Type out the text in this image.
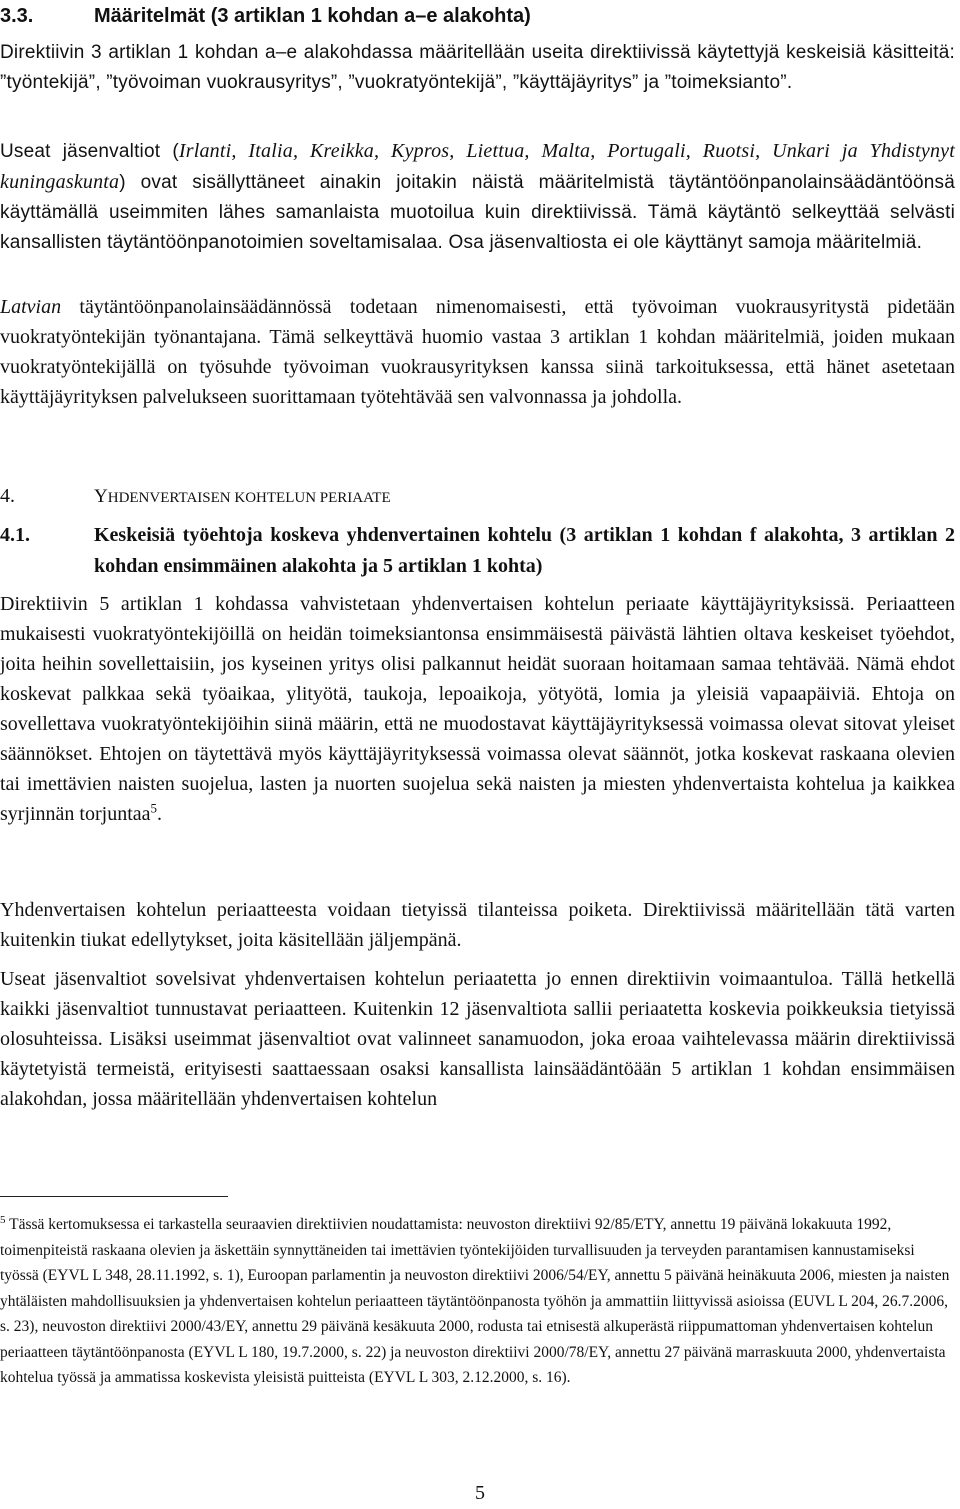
3.3.	Määritelmät (3 artiklan 1 kohdan a–e alakohta)

Direktiivin 3 artiklan 1 kohdan a–e alakohdassa määritellään useita direktiivissä käytettyjä keskeisiä käsitteitä: ”työntekijä”, ”työvoiman vuokrausyritys”, ”vuokratyöntekijä”, ”käyttäjäyritys” ja ”toimeksianto”.

Useat jäsenvaltiot (Irlanti, Italia, Kreikka, Kypros, Liettua, Malta, Portugali, Ruotsi, Unkari ja Yhdistynyt kuningaskunta) ovat sisällyttäneet ainakin joitakin näistä määritelmistä täytäntöönpanolainsäädäntöönsä käyttämällä useimmiten lähes samanlaista muotoilua kuin direktiivissä. Tämä käytäntö selkeyttää selvästi kansallisten täytäntöönpanotoimien soveltamisalaa. Osa jäsenvaltiosta ei ole käyttänyt samoja määritelmiä.

Latvian täytäntöönpanolainsäädännössä todetaan nimenomaisesti, että työvoiman vuokrausyritystä pidetään vuokratyöntekijän työnantajana. Tämä selkeyttävä huomio vastaa 3 artiklan 1 kohdan määritelmiä, joiden mukaan vuokratyöntekijällä on työsuhde työvoiman vuokrausyrityksen kanssa siinä tarkoituksessa, että hänet asetetaan käyttäjäyrityksen palvelukseen suorittamaan työtehtävää sen valvonnassa ja johdolla.

4.	YHDENVERTAISEN KOHTELUN PERIAATE
4.1.	Keskeisiä työehtoja koskeva yhdenvertainen kohtelu (3 artiklan 1 kohdan f alakohta, 3 artiklan 2 kohdan ensimmäinen alakohta ja 5 artiklan 1 kohta)

Direktiivin 5 artiklan 1 kohdassa vahvistetaan yhdenvertaisen kohtelun periaate käyttäjäyrityksissä. Periaatteen mukaisesti vuokratyöntekijöillä on heidän toimeksiantonsa ensimmäisestä päivästä lähtien oltava keskeiset työehdot, joita heihin sovellettaisiin, jos kyseinen yritys olisi palkannut heidät suoraan hoitamaan samaa tehtävää. Nämä ehdot koskevat palkkaa sekä työaikaa, ylityötä, taukoja, lepoaikoja, yötyötä, lomia ja yleisiä vapaapäiviä. Ehtoja on sovellettava vuokratyöntekijöihin siinä määrin, että ne muodostavat käyttäjäyrityksessä voimassa olevat sitovat yleiset säännökset. Ehtojen on täytettävä myös käyttäjäyrityksessä voimassa olevat säännöt, jotka koskevat raskaana olevien tai imettävien naisten suojelua, lasten ja nuorten suojelua sekä naisten ja miesten yhdenvertaista kohtelua ja kaikkea syrjinnän torjuntaa$^5$.

Yhdenvertaisen kohtelun periaatteesta voidaan tietyissä tilanteissa poiketa. Direktiivissä määritellään tätä varten kuitenkin tiukat edellytykset, joita käsitellään jäljempänä.

Useat jäsenvaltiot sovelsivat yhdenvertaisen kohtelun periaatetta jo ennen direktiivin voimaantuloa. Tällä hetkellä kaikki jäsenvaltiot tunnustavat periaatteen. Kuitenkin 12 jäsenvaltiota sallii periaatetta koskevia poikkeuksia tietyissä olosuhteissa. Lisäksi useimmat jäsenvaltiot ovat valinneet sanamuodon, joka eroaa vaihtelevassa määrin direktiivissä käytetyistä termeistä, erityisesti saattaessaan osaksi kansallista lainsäädäntöään 5 artiklan 1 kohdan ensimmäisen alakohdan, jossa määritellään yhdenvertaisen kohtelun

$^5$ Tässä kertomuksessa ei tarkastella seuraavien direktiivien noudattamista: neuvoston direktiivi 92/85/ETY, annettu 19 päivänä lokakuuta 1992, toimenpiteistä raskaana olevien ja äskettäin synnyttäneiden tai imettävien työntekijöiden turvallisuuden ja terveyden parantamisen kannustamiseksi työssä (EYVL L 348, 28.11.1992, s. 1), Euroopan parlamentin ja neuvoston direktiivi 2006/54/EY, annettu 5 päivänä heinäkuuta 2006, miesten ja naisten yhtäläisten mahdollisuuksien ja yhdenvertaisen kohtelun periaatteen täytäntöönpanosta työhön ja ammattiin liittyvissä asioissa (EUVL L 204, 26.7.2006, s. 23), neuvoston direktiivi 2000/43/EY, annettu 29 päivänä kesäkuuta 2000, rodusta tai etnisestä alkuperästä riippumattoman yhdenvertaisen kohtelun periaatteen täytäntöönpanosta (EYVL L 180, 19.7.2000, s. 22) ja neuvoston direktiivi 2000/78/EY, annettu 27 päivänä marraskuuta 2000, yhdenvertaista kohtelua työssä ja ammatissa koskevista yleisistä puitteista (EYVL L 303, 2.12.2000, s. 16).

5
